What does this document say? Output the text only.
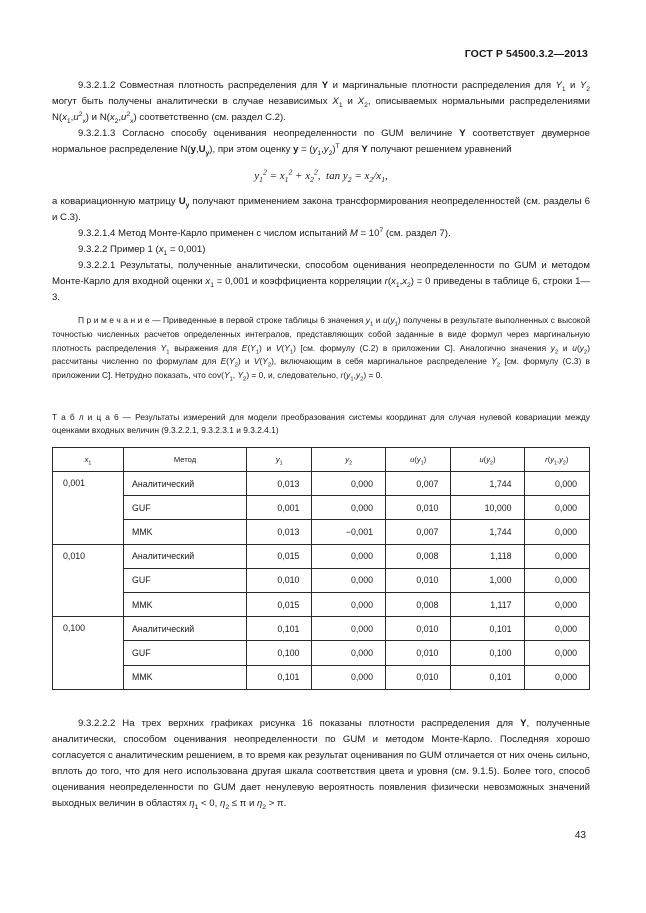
ГОСТ Р 54500.3.2—2013

9.3.2.1.2 Совместная плотность распределения для Y и маргинальные плотности распределения для $Y_1$ и $Y_2$ могут быть получены аналитически в случае независимых $X_1$ и $X_2$, описываемых нормальными распределениями $N(x_1,u^2_x)$ и $N(x_2,u^2_x)$ соответственно (см. раздел С.2).

9.3.2.1.3 Согласно способу оценивания неопределенности по GUM величине Y соответствует двумерное нормальное распределение $N(y,U_y)$, при этом оценку $y = (y_1,y_2)^T$ для Y получают решением уравнений

$y_1^2 = x_1^2 + x_2^2$,  $\tan y_2 = x_2/x_1$,

а ковариационную матрицу $U_y$ получают применением закона трансформирования неопределенностей (см. разделы 6 и С.3).

9.3.2.1.4 Метод Монте-Карло применен с числом испытаний $M = 10^7$ (см. раздел 7).

9.3.2.2 Пример 1 $(x_1 = 0,001)$

9.3.2.2.1 Результаты, полученные аналитически, способом оценивания неопределенности по GUM и методом Монте-Карло для входной оценки $x_1 = 0,001$ и коэффициента корреляции $r(x_1,x_2) = 0$ приведены в таблице 6, строки 1—3.

П р и м е ч а н и е — Приведенные в первой строке таблицы 6 значения $y_1$ и $u(y_1)$ получены в результате выполненных с высокой точностью численных расчетов определенных интегралов, представляющих собой заданные в виде формул через маргинальную плотность распределения $Y_1$ выражения для $E(Y_1)$ и $V(Y_1)$ [см. формулу (С.2) в приложении С]. Аналогично значения $y_2$ и $u(y_2)$ рассчитаны численно по формулам для $E(Y_2)$ и $V(Y_2)$, включающим в себя маргинальное распределение $Y_2$ [см. формулу (С.3) в приложении С]. Нетрудно показать, что $cov(Y_1$, $Y_2) = 0$, и, следовательно, $r(y_1,y_2) = 0$.

Т а б л и ц а 6 — Результаты измерений для модели преобразования системы координат для случая нулевой ковариации между оценками входных величин (9.3.2.2.1, 9.3.2.3.1 и 9.3.2.4.1)
$x_1$	Метод	$y_1$	$y_2$	$u(y_1)$	$u(y_2)$	$r(y_1,y_2)$
0,001	Аналитический	0,013	0,000	0,007	1,744	0,000
	GUF	0,001	0,000	0,010	10,000	0,000
	MMK	0,013	−0,001	0,007	1,744	0,000
0,010	Аналитический	0,015	0,000	0,008	1,118	0,000
	GUF	0,010	0,000	0,010	1,000	0,000
	MMK	0,015	0,000	0,008	1,117	0,000
0,100	Аналитический	0,101	0,000	0,010	0,101	0,000
	GUF	0,100	0,000	0,010	0,100	0,000
	MMK	0,101	0,000	0,010	0,101	0,000

9.3.2.2.2 На трех верхних графиках рисунка 16 показаны плотности распределения для Y, полученные аналитически, способом оценивания неопределенности по GUM и методом Монте-Карло. Последняя хорошо согласуется с аналитическим решением, в то время как результат оценивания по GUM отличается от них очень сильно, вплоть до того, что для него использована другая шкала соответствия цвета и уровня (см. 9.1.5). Более того, способ оценивания неопределенности по GUM дает ненулевую вероятность появления физически невозможных значений выходных величин в областях $\eta_1 < 0$, $\eta_2 \le \pi$ и $\eta_2 > \pi$.

43
